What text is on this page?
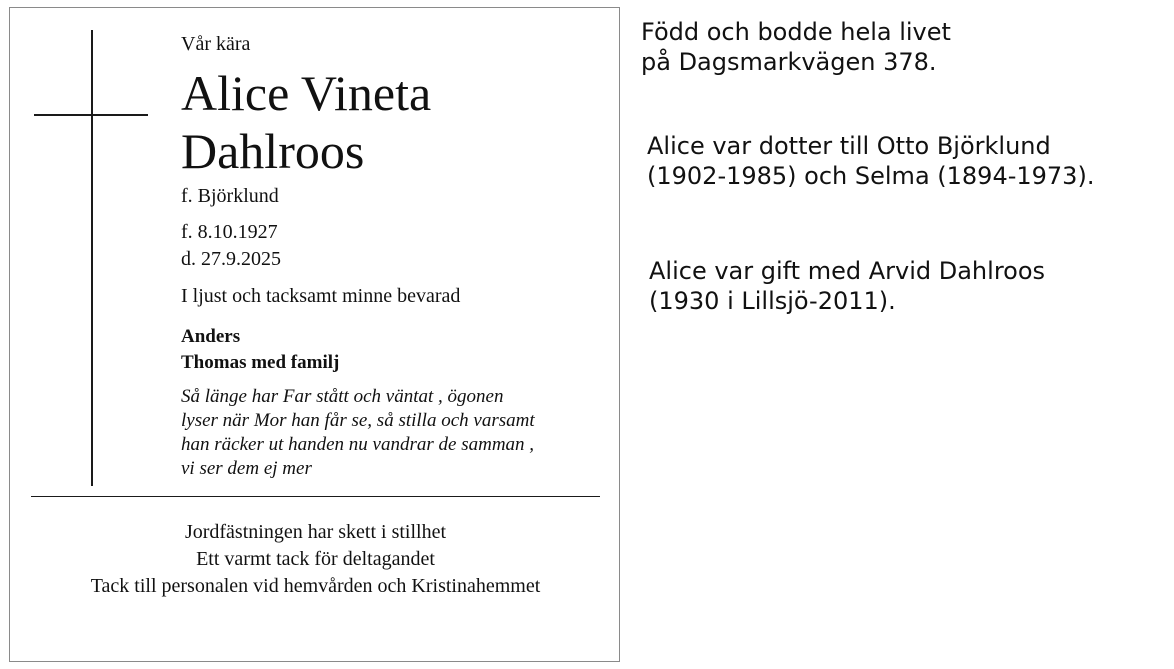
Vår kära
Alice Vineta
Dahlroos
f. Björklund
f. 8.10.1927
d. 27.9.2025
I ljust och tacksamt minne bevarad
Anders
Thomas med familj
Så länge har Far stått och väntat , ögonen
lyser när Mor han får se, så stilla och varsamt
han räcker ut handen nu vandrar de samman ,
vi ser dem ej mer
Jordfästningen har skett i stillhet
Ett varmt tack för deltagandet
Tack till personalen vid hemvården och Kristinahemmet
Född och bodde hela livet
på Dagsmarkvägen 378.
Alice var dotter till Otto Björklund
(1902-1985) och Selma (1894-1973).
Alice var gift med Arvid Dahlroos
(1930 i Lillsjö-2011).
